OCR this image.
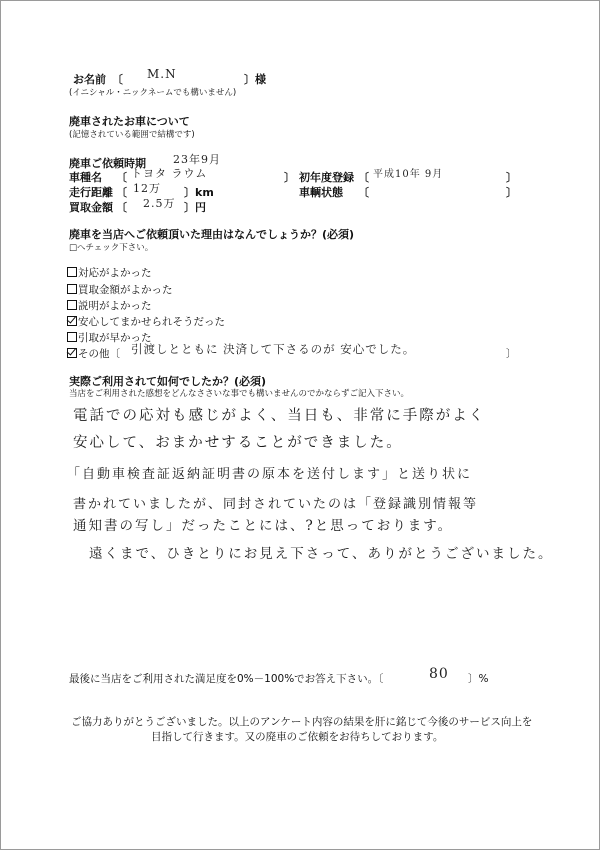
お名前 〔 M.N	〕様
(イニシャル・ニックネームでも構いません)
廃車されたお車について
(記憶されている範囲で結構です)
廃車ご依頼時期 23年9月
車種名 〔 トヨタ ラウム	〕 初年度登録 〔 平成10年 9月	〕
走行距離 〔 12万 〕km	車輌状態 〔	〕
買取金額 〔 2.5万 〕円
廃車を当店へご依頼頂いた理由はなんでしょうか？(必須)
□へチェック下さい。
対応がよかった
買取金額がよかった
説明がよかった
安心してまかせられそうだった
引取が早かった
その他〔 引渡しとともに 決済して下さるのが 安心でした。	〕
実際ご利用されて如何でしたか？(必須)
当店をご利用された感想をどんなささいな事でも構いませんのでかならずご記入下さい。
電話での応対も感じがよく、当日も、非常に手際がよく
安心して、おまかせすることができました。
「自動車検査証返納証明書の原本を送付します」と送り状に
書かれていましたが、同封されていたのは「登録識別情報等
通知書の写し」だったことには、?と思っております。
遠くまで、ひきとりにお見え下さって、ありがとうございました。
最後に当店をご利用された満足度を0%－100%でお答え下さい。〔	80 〕%
ご協力ありがとうございました。以上のアンケート内容の結果を肝に銘じて今後のサービス向上を
目指して行きます。又の廃車のご依頼をお待ちしております。
